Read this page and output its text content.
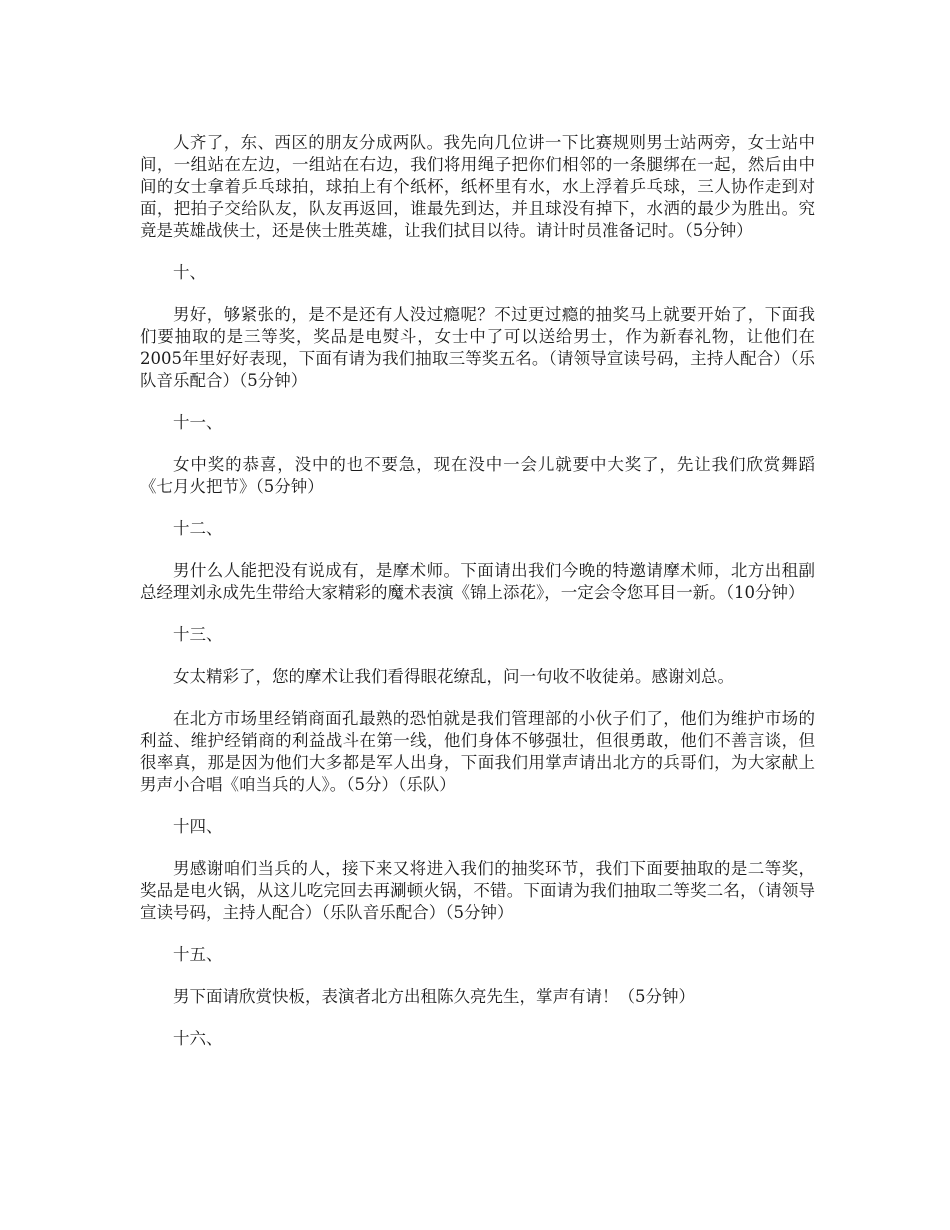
人齐了，东、西区的朋友分成两队。我先向几位讲一下比赛规则男士站两旁，女士站中间，一组站在左边，一组站在右边，我们将用绳子把你们相邻的一条腿绑在一起，然后由中间的女士拿着乒乓球拍，球拍上有个纸杯，纸杯里有水，水上浮着乒乓球，三人协作走到对面，把拍子交给队友，队友再返回，谁最先到达，并且球没有掉下，水洒的最少为胜出。究竟是英雄战侠士，还是侠士胜英雄，让我们拭目以待。请计时员准备记时。（5分钟）

十、

男好，够紧张的，是不是还有人没过瘾呢？不过更过瘾的抽奖马上就要开始了，下面我们要抽取的是三等奖，奖品是电熨斗，女士中了可以送给男士，作为新春礼物，让他们在2005年里好好表现，下面有请为我们抽取三等奖五名。（请领导宣读号码，主持人配合）（乐队音乐配合）（5分钟）

十一、

女中奖的恭喜，没中的也不要急，现在没中一会儿就要中大奖了，先让我们欣赏舞蹈《七月火把节》（5分钟）

十二、

男什么人能把没有说成有，是摩术师。下面请出我们今晚的特邀请摩术师，北方出租副总经理刘永成先生带给大家精彩的魔术表演《锦上添花》，一定会令您耳目一新。（10分钟）

十三、

女太精彩了，您的摩术让我们看得眼花缭乱，问一句收不收徒弟。感谢刘总。

在北方市场里经销商面孔最熟的恐怕就是我们管理部的小伙子们了，他们为维护市场的利益、维护经销商的利益战斗在第一线，他们身体不够强壮，但很勇敢，他们不善言谈，但很率真，那是因为他们大多都是军人出身，下面我们用掌声请出北方的兵哥们，为大家献上男声小合唱《咱当兵的人》。（5分）（乐队）

十四、

男感谢咱们当兵的人，接下来又将进入我们的抽奖环节，我们下面要抽取的是二等奖，奖品是电火锅，从这儿吃完回去再涮顿火锅，不错。下面请为我们抽取二等奖二名，（请领导宣读号码，主持人配合）（乐队音乐配合）（5分钟）

十五、

男下面请欣赏快板，表演者北方出租陈久亮先生，掌声有请！（5分钟）

十六、
